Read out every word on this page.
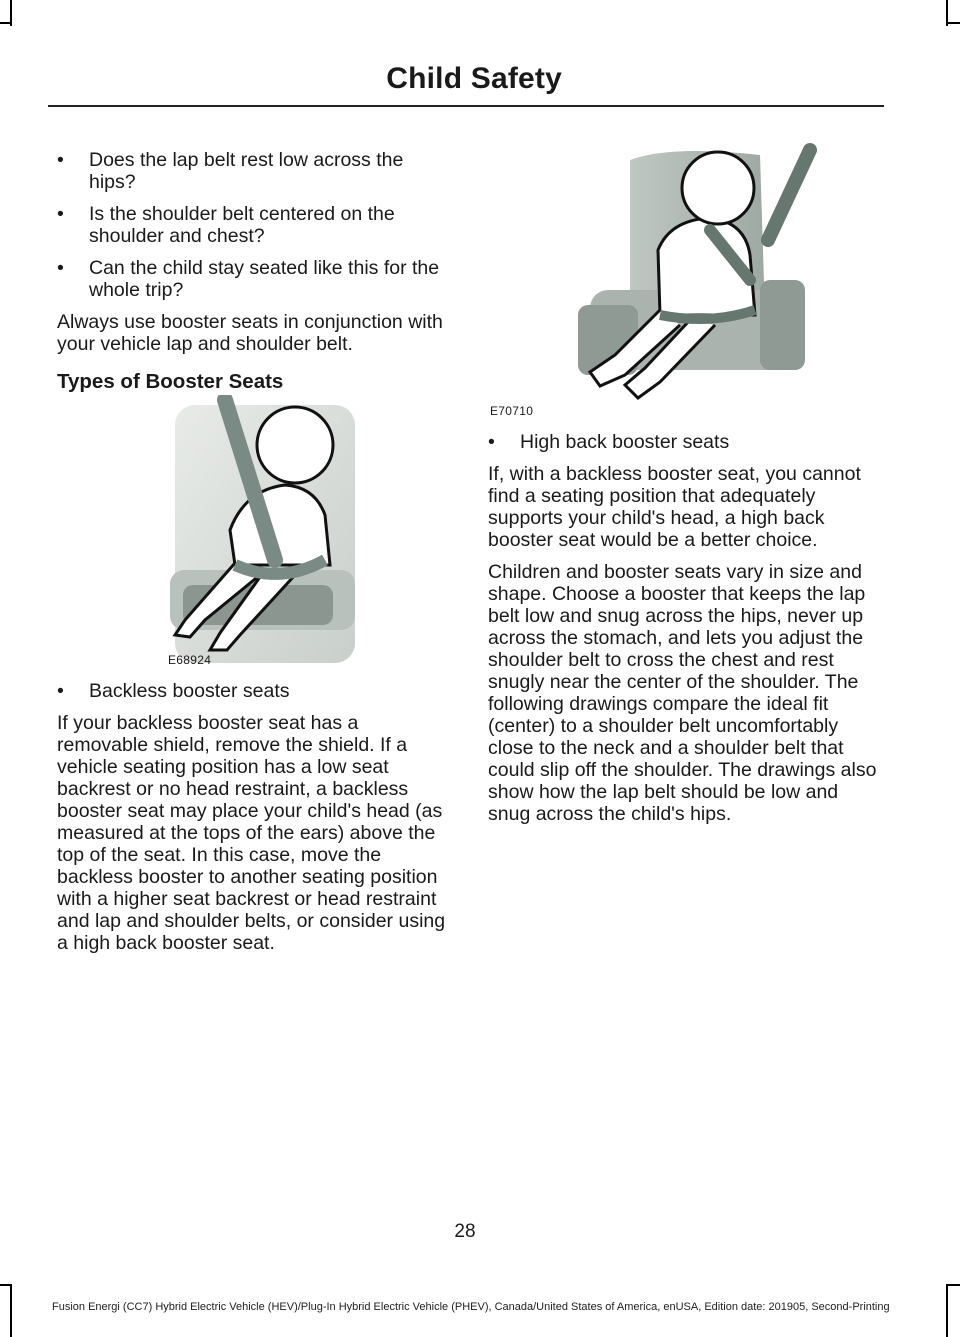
Child Safety
• Does the lap belt rest low across the hips?
• Is the shoulder belt centered on the shoulder and chest?
• Can the child stay seated like this for the whole trip?

Always use booster seats in conjunction with your vehicle lap and shoulder belt.

Types of Booster Seats
E68924
• Backless booster seats

If your backless booster seat has a removable shield, remove the shield. If a vehicle seating position has a low seat backrest or no head restraint, a backless booster seat may place your child's head (as measured at the tops of the ears) above the top of the seat. In this case, move the backless booster to another seating position with a higher seat backrest or head restraint and lap and shoulder belts, or consider using a high back booster seat.

E70710
• High back booster seats

If, with a backless booster seat, you cannot find a seating position that adequately supports your child's head, a high back booster seat would be a better choice.

Children and booster seats vary in size and shape. Choose a booster that keeps the lap belt low and snug across the hips, never up across the stomach, and lets you adjust the shoulder belt to cross the chest and rest snugly near the center of the shoulder. The following drawings compare the ideal fit (center) to a shoulder belt uncomfortably close to the neck and a shoulder belt that could slip off the shoulder. The drawings also show how the lap belt should be low and snug across the child's hips.

28
Fusion Energi (CC7) Hybrid Electric Vehicle (HEV)/Plug-In Hybrid Electric Vehicle (PHEV), Canada/United States of America, enUSA, Edition date: 201905, Second-Printing
